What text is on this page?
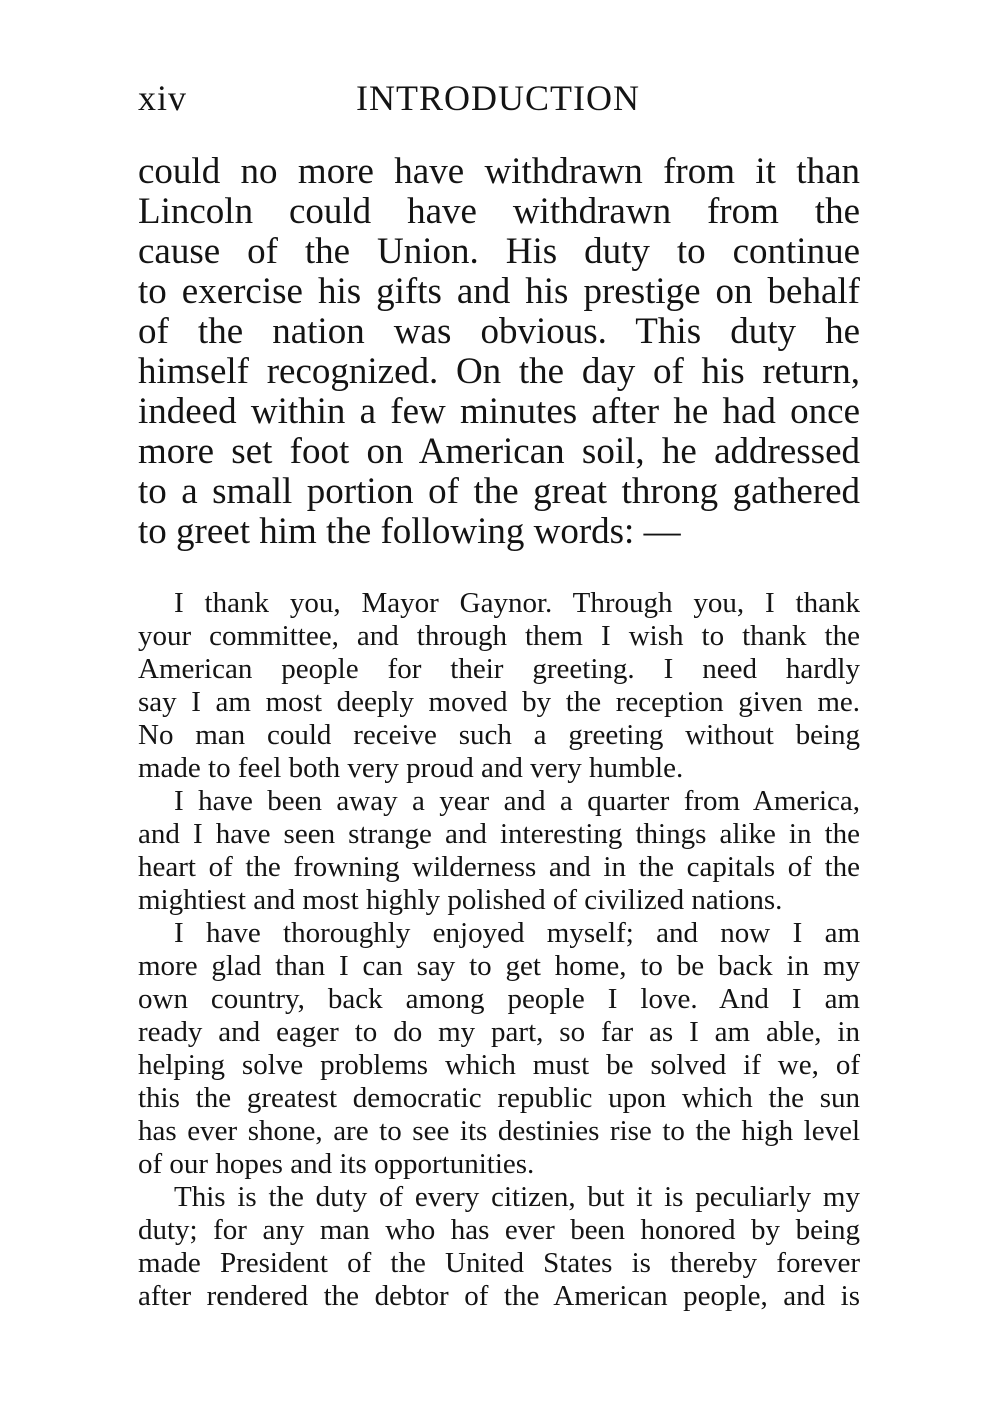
xiv	INTRODUCTION
could no more have withdrawn from it than
Lincoln could have withdrawn from the
cause of the Union. His duty to continue
to exercise his gifts and his prestige on behalf
of the nation was obvious. This duty he
himself recognized. On the day of his return,
indeed within a few minutes after he had once
more set foot on American soil, he addressed
to a small portion of the great throng gathered
to greet him the following words: —
I thank you, Mayor Gaynor. Through you, I thank
your committee, and through them I wish to thank the
American people for their greeting. I need hardly
say I am most deeply moved by the reception given me.
No man could receive such a greeting without being
made to feel both very proud and very humble.
I have been away a year and a quarter from America,
and I have seen strange and interesting things alike in the
heart of the frowning wilderness and in the capitals of the
mightiest and most highly polished of civilized nations.
I have thoroughly enjoyed myself; and now I am
more glad than I can say to get home, to be back in my
own country, back among people I love. And I am
ready and eager to do my part, so far as I am able, in
helping solve problems which must be solved if we, of
this the greatest democratic republic upon which the sun
has ever shone, are to see its destinies rise to the high level
of our hopes and its opportunities.
This is the duty of every citizen, but it is peculiarly my
duty; for any man who has ever been honored by being
made President of the United States is thereby forever
after rendered the debtor of the American people, and is
